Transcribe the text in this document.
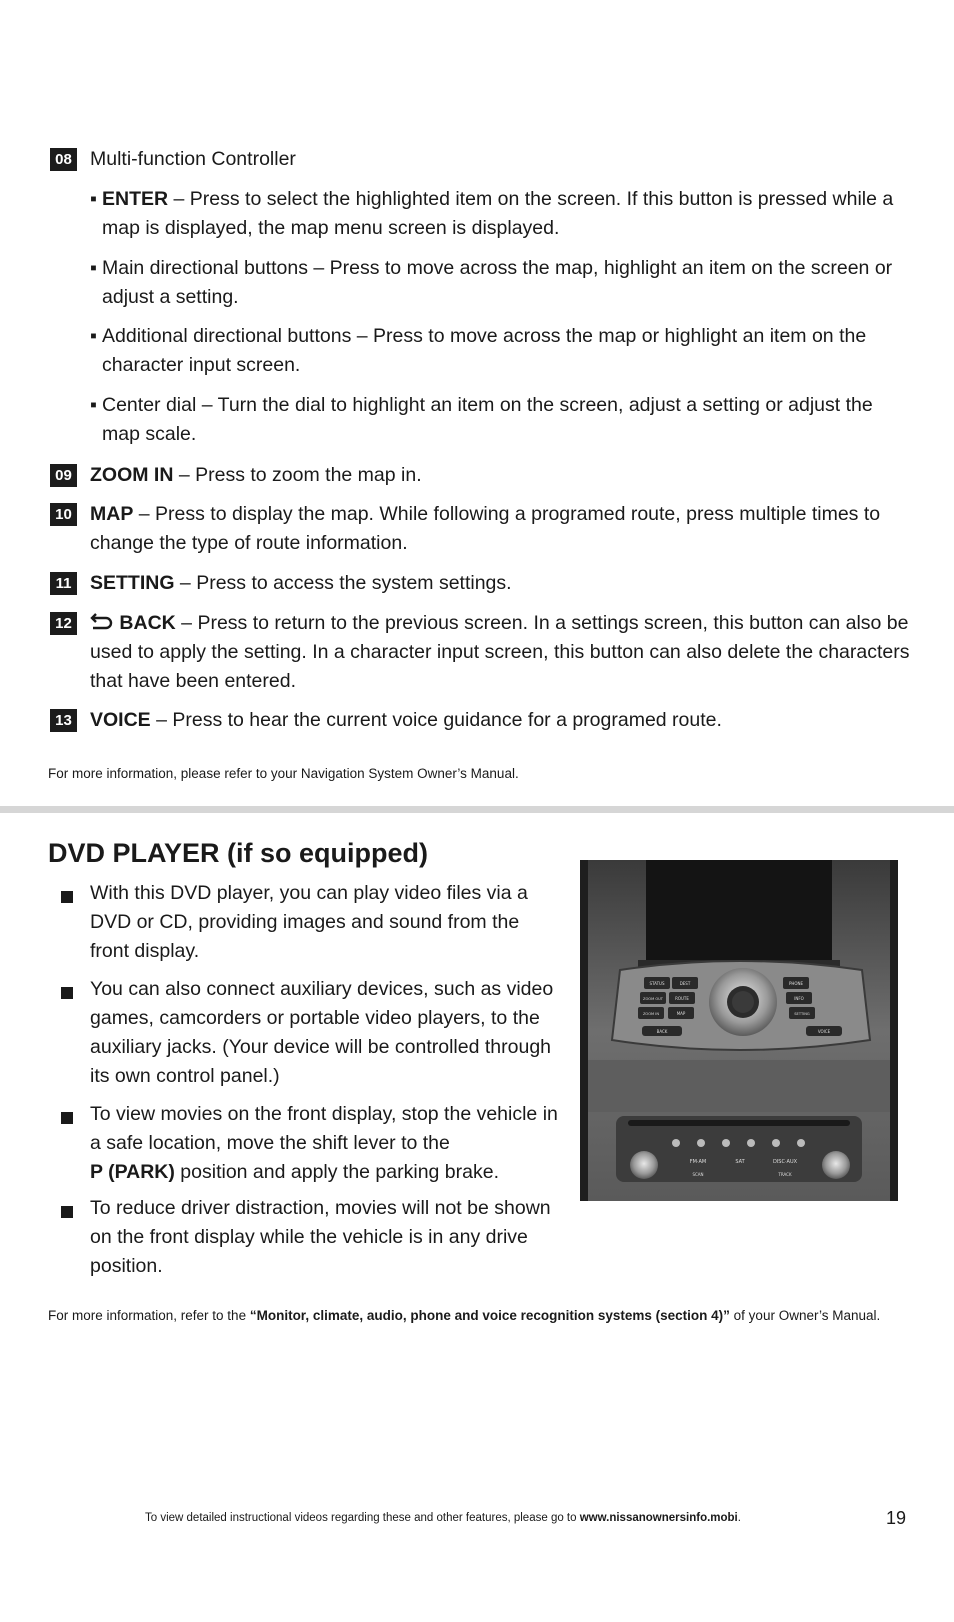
08 Multi-function Controller
▪ ENTER – Press to select the highlighted item on the screen. If this button is pressed while a map is displayed, the map menu screen is displayed.
▪ Main directional buttons – Press to move across the map, highlight an item on the screen or adjust a setting.
▪ Additional directional buttons – Press to move across the map or highlight an item on the character input screen.
▪ Center dial – Turn the dial to highlight an item on the screen, adjust a setting or adjust the map scale.
09 ZOOM IN – Press to zoom the map in.
10 MAP – Press to display the map. While following a programed route, press multiple times to change the type of route information.
11 SETTING – Press to access the system settings.
12	BACK – Press to return to the previous screen. In a settings screen, this button can also be used to apply the setting. In a character input screen, this button can also delete the characters that have been entered.
13 VOICE – Press to hear the current voice guidance for a programed route.
For more information, please refer to your Navigation System Owner’s Manual.
DVD PLAYER (if so equipped)
With this DVD player, you can play video files via a DVD or CD, providing images and sound from the front display.
You can also connect auxiliary devices, such as video games, camcorders or portable video players, to the auxiliary jacks. (Your device will be controlled through its own control panel.)
To view movies on the front display, stop the vehicle in a safe location, move the shift lever to the
P (PARK) position and apply the parking brake.
To reduce driver distraction, movies will not be shown on the front display while the vehicle is in any drive position.
STATUS	DEST
ZOOM OUT	ROUTE
ZOOM IN	MAP
BACK
PHONE
INFO
SETTING
VOICE
FM·AM	SAT	DISC·AUX
SCAN	TRACK
For more information, refer to the “Monitor, climate, audio, phone and voice recognition systems (section 4)” of your Owner’s Manual.
To view detailed instructional videos regarding these and other features, please go to www.nissanownersinfo.mobi.	19
